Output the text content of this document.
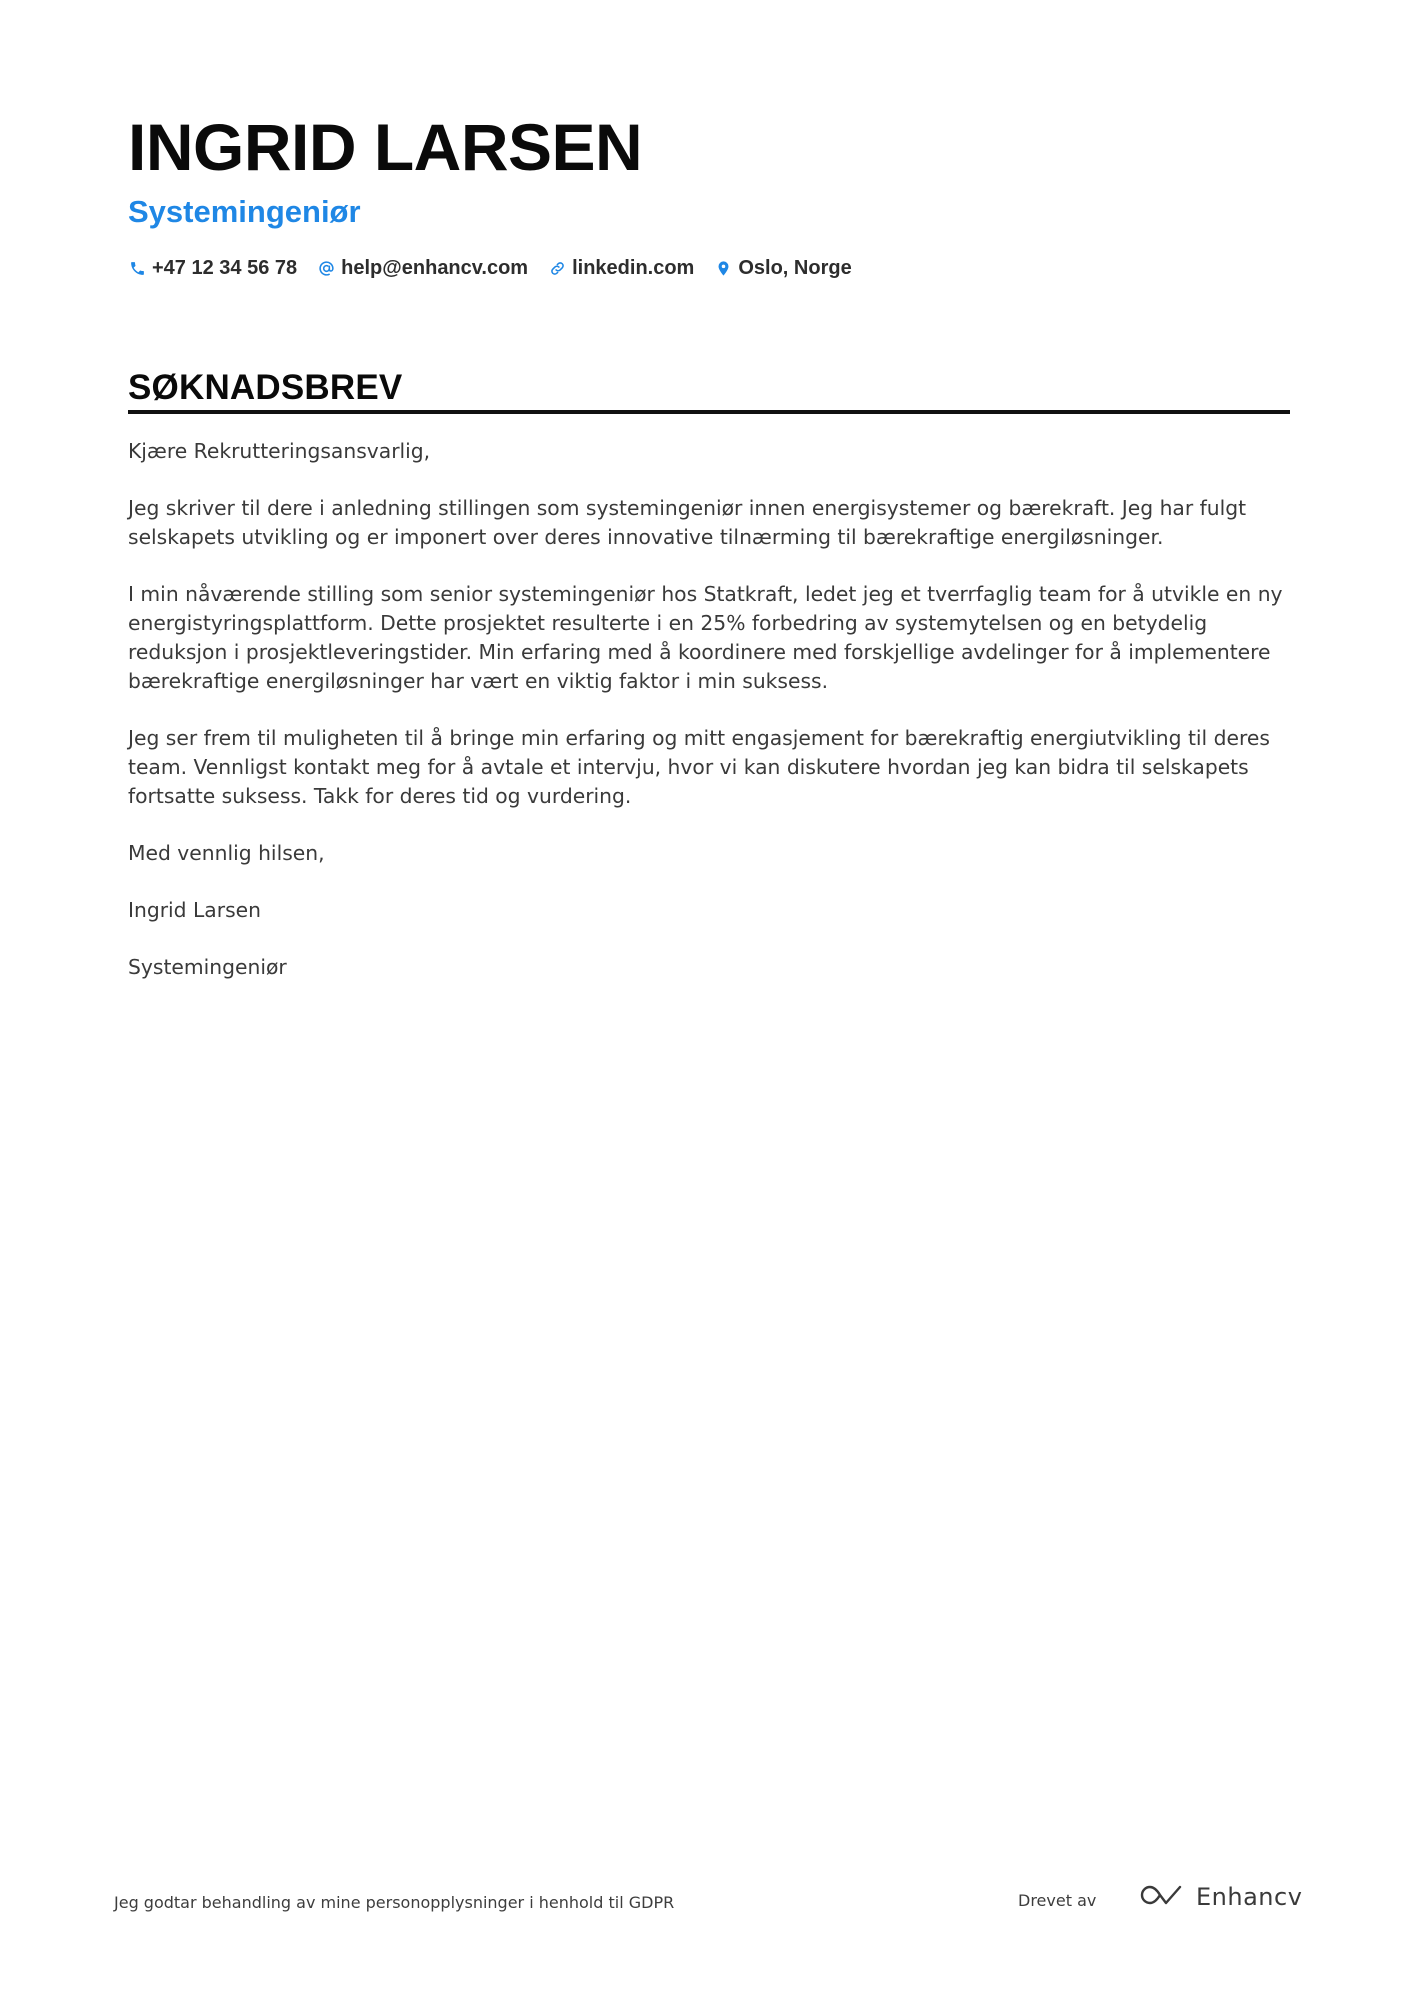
INGRID LARSEN
Systemingeniør
+47 12 34 56 78 help@enhancv.com linkedin.com Oslo, Norge
SØKNADSBREV

Kjære Rekrutteringsansvarlig,

Jeg skriver til dere i anledning stillingen som systemingeniør innen energisystemer og bærekraft. Jeg har fulgt selskapets utvikling og er imponert over deres innovative tilnærming til bærekraftige energiløsninger.

I min nåværende stilling som senior systemingeniør hos Statkraft, ledet jeg et tverrfaglig team for å utvikle en ny energistyringsplattform. Dette prosjektet resulterte i en 25% forbedring av systemytelsen og en betydelig reduksjon i prosjektleveringstider. Min erfaring med å koordinere med forskjellige avdelinger for å implementere bærekraftige energiløsninger har vært en viktig faktor i min suksess.

Jeg ser frem til muligheten til å bringe min erfaring og mitt engasjement for bærekraftig energiutvikling til deres team. Vennligst kontakt meg for å avtale et intervju, hvor vi kan diskutere hvordan jeg kan bidra til selskapets fortsatte suksess. Takk for deres tid og vurdering.

Med vennlig hilsen,

Ingrid Larsen

Systemingeniør

Jeg godtar behandling av mine personopplysninger i henhold til GDPR	Drevet av	Enhancv
